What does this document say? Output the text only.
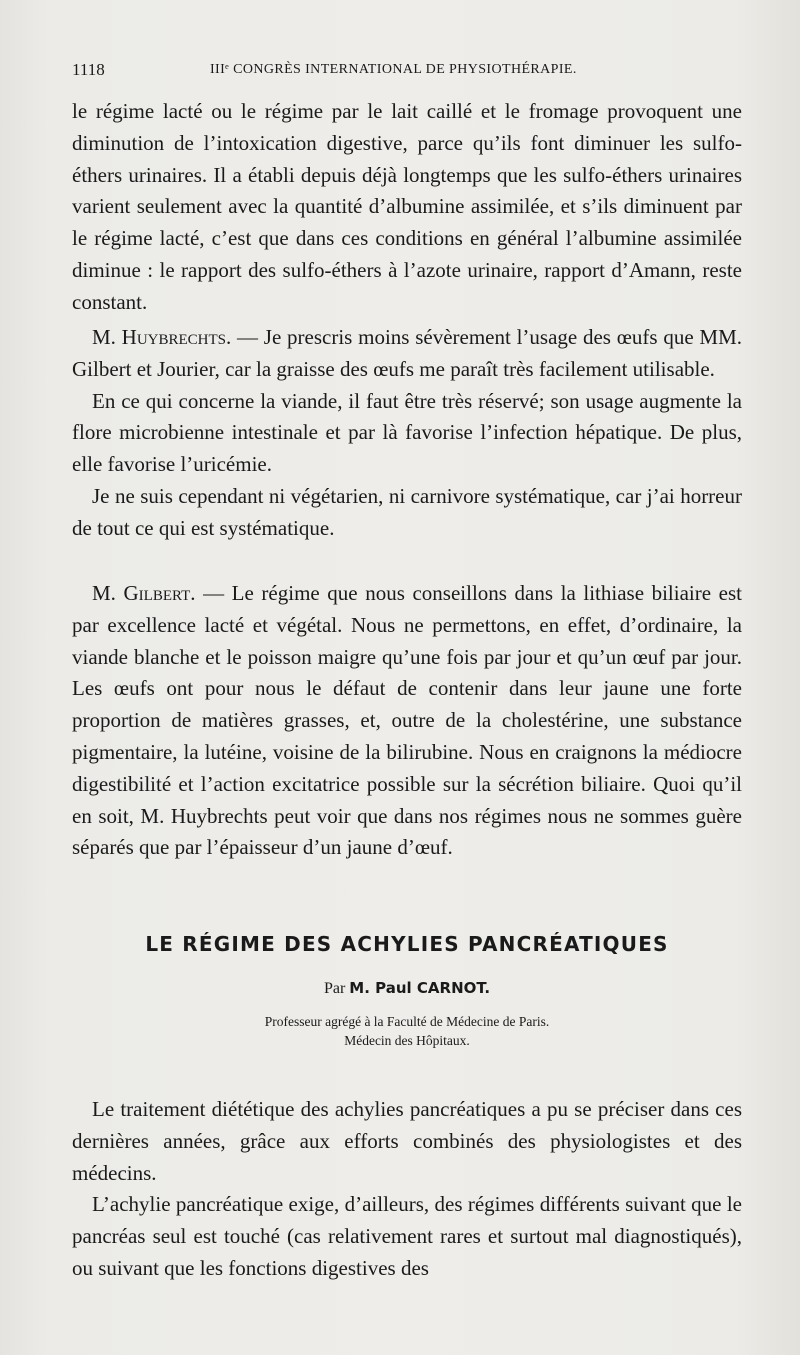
1118	IIIᵉ CONGRÈS INTERNATIONAL DE PHYSIOTHÉRAPIE.

le régime lacté ou le régime par le lait caillé et le fromage provoquent une diminution de l’intoxication digestive, parce qu’ils font diminuer les sulfo-éthers urinaires. Il a établi depuis déjà longtemps que les sulfo-éthers urinaires varient seulement avec la quantité d’albumine assimilée, et s’ils diminuent par le régime lacté, c’est que dans ces conditions en général l’albumine assimilée diminue : le rapport des sulfo-éthers à l’azote urinaire, rapport d’Amann, reste constant.

M. Huybrechts. — Je prescris moins sévèrement l’usage des œufs que MM. Gilbert et Jourier, car la graisse des œufs me paraît très facilement utilisable.

En ce qui concerne la viande, il faut être très réservé; son usage augmente la flore microbienne intestinale et par là favorise l’infection hépatique. De plus, elle favorise l’uricémie.

Je ne suis cependant ni végétarien, ni carnivore systématique, car j’ai horreur de tout ce qui est systématique.

M. Gilbert. — Le régime que nous conseillons dans la lithiase biliaire est par excellence lacté et végétal. Nous ne permettons, en effet, d’ordinaire, la viande blanche et le poisson maigre qu’une fois par jour et qu’un œuf par jour. Les œufs ont pour nous le défaut de contenir dans leur jaune une forte proportion de matières grasses, et, outre de la cholestérine, une substance pigmentaire, la lutéine, voisine de la bilirubine. Nous en craignons la médiocre digestibilité et l’action excitatrice possible sur la sécrétion biliaire. Quoi qu’il en soit, M. Huybrechts peut voir que dans nos régimes nous ne sommes guère séparés que par l’épaisseur d’un jaune d’œuf.

LE RÉGIME DES ACHYLIES PANCRÉATIQUES
Par M. Paul CARNOT.
Professeur agrégé à la Faculté de Médecine de Paris.
Médecin des Hôpitaux.

Le traitement diététique des achylies pancréatiques a pu se préciser dans ces dernières années, grâce aux efforts combinés des physiologistes et des médecins.

L’achylie pancréatique exige, d’ailleurs, des régimes différents suivant que le pancréas seul est touché (cas relativement rares et surtout mal diagnostiqués), ou suivant que les fonctions digestives des
